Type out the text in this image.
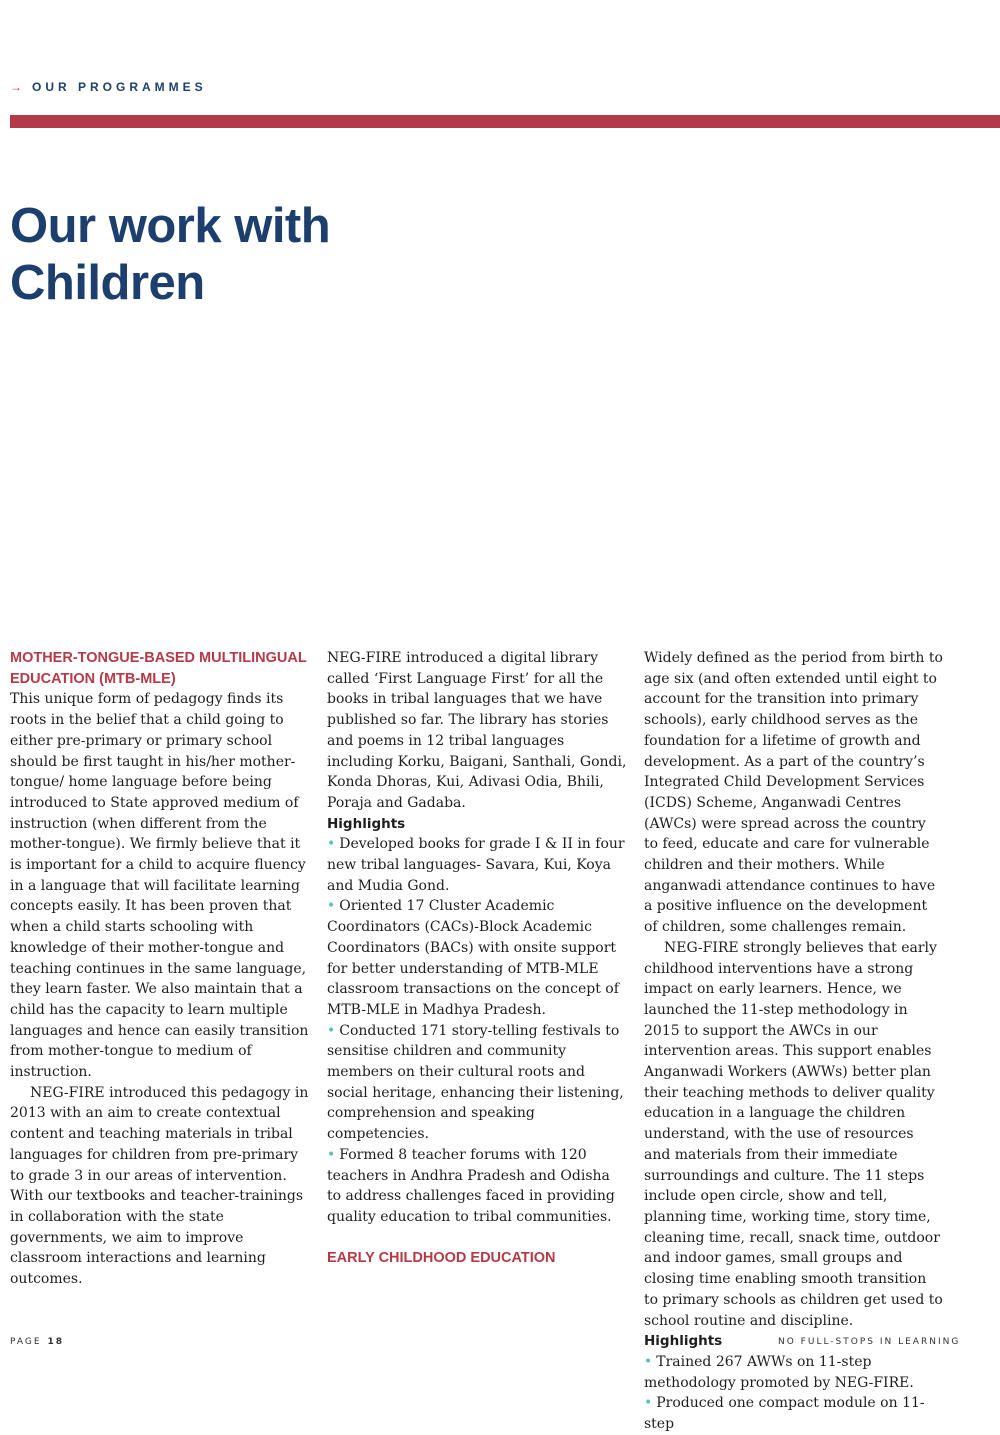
→ OUR PROGRAMMES
Our work with
Children
MOTHER-TONGUE-BASED MULTILINGUAL EDUCATION (MTB-MLE)

This unique form of pedagogy finds its roots in the belief that a child going to either pre-primary or primary school should be first taught in his/her mother-tongue/ home language before being introduced to State approved medium of instruction (when different from the mother-tongue). We firmly believe that it is important for a child to acquire fluency in a language that will facilitate learning concepts easily. It has been proven that when a child starts schooling with knowledge of their mother-tongue and teaching continues in the same language, they learn faster. We also maintain that a child has the capacity to learn multiple languages and hence can easily transition from mother-tongue to medium of instruction.

NEG-FIRE introduced this pedagogy in 2013 with an aim to create contextual content and teaching materials in tribal languages for children from pre-primary to grade 3 in our areas of intervention. With our textbooks and teacher-trainings in collaboration with the state governments, we aim to improve classroom interactions and learning outcomes.

NEG-FIRE introduced a digital library called ‘First Language First’ for all the books in tribal languages that we have published so far. The library has stories and poems in 12 tribal languages including Korku, Baigani, Santhali, Gondi, Konda Dhoras, Kui, Adivasi Odia, Bhili, Poraja and Gadaba.

Highlights

• Developed books for grade I & II in four new tribal languages- Savara, Kui, Koya and Mudia Gond.

• Oriented 17 Cluster Academic Coordinators (CACs)-Block Academic Coordinators (BACs) with onsite support for better understanding of MTB-MLE classroom transactions on the concept of MTB-MLE in Madhya Pradesh.

• Conducted 171 story-telling festivals to sensitise children and community members on their cultural roots and social heritage, enhancing their listening, comprehension and speaking competencies.

• Formed 8 teacher forums with 120 teachers in Andhra Pradesh and Odisha to address challenges faced in providing quality education to tribal communities.

EARLY CHILDHOOD EDUCATION

Widely defined as the period from birth to age six (and often extended until eight to account for the transition into primary schools), early childhood serves as the foundation for a lifetime of growth and development. As a part of the country’s Integrated Child Development Services (ICDS) Scheme, Anganwadi Centres (AWCs) were spread across the country to feed, educate and care for vulnerable children and their mothers. While anganwadi attendance continues to have a positive influence on the development of children, some challenges remain.

NEG-FIRE strongly believes that early childhood interventions have a strong impact on early learners. Hence, we launched the 11-step methodology in 2015 to support the AWCs in our intervention areas. This support enables Anganwadi Workers (AWWs) better plan their teaching methods to deliver quality education in a language the children understand, with the use of resources and materials from their immediate surroundings and culture. The 11 steps include open circle, show and tell, planning time, working time, story time, cleaning time, recall, snack time, outdoor and indoor games, small groups and closing time enabling smooth transition to primary schools as children get used to school routine and discipline.

Highlights

• Trained 267 AWWs on 11-step methodology promoted by NEG-FIRE.

• Produced one compact module on 11-step

PAGE 18	NO FULL-STOPS IN LEARNING
